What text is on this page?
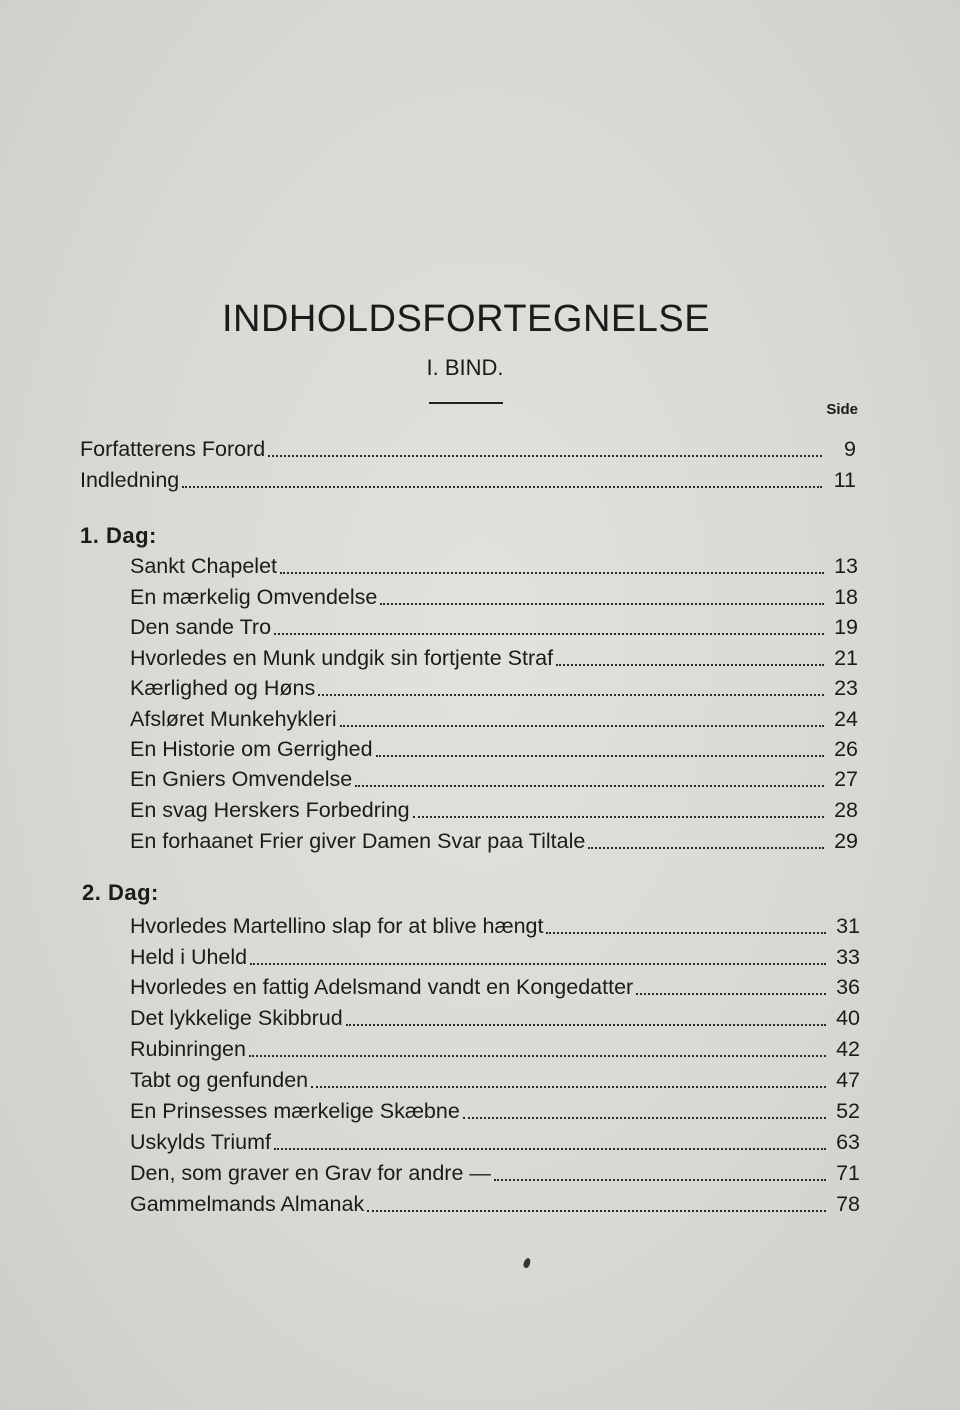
INDHOLDSFORTEGNELSE
I. BIND.
Side
Forfatterens Forord	9
Indledning	11
1. Dag:
Sankt Chapelet	13
En mærkelig Omvendelse	18
Den sande Tro	19
Hvorledes en Munk undgik sin fortjente Straf	21
Kærlighed og Høns	23
Afsløret Munkehykleri	24
En Historie om Gerrighed	26
En Gniers Omvendelse	27
En svag Herskers Forbedring	28
En forhaanet Frier giver Damen Svar paa Tiltale	29
2. Dag:
Hvorledes Martellino slap for at blive hængt	31
Held i Uheld	33
Hvorledes en fattig Adelsmand vandt en Kongedatter	36
Det lykkelige Skibbrud	40
Rubinringen	42
Tabt og genfunden	47
En Prinsesses mærkelige Skæbne	52
Uskylds Triumf	63
Den, som graver en Grav for andre —	71
Gammelmands Almanak	78
